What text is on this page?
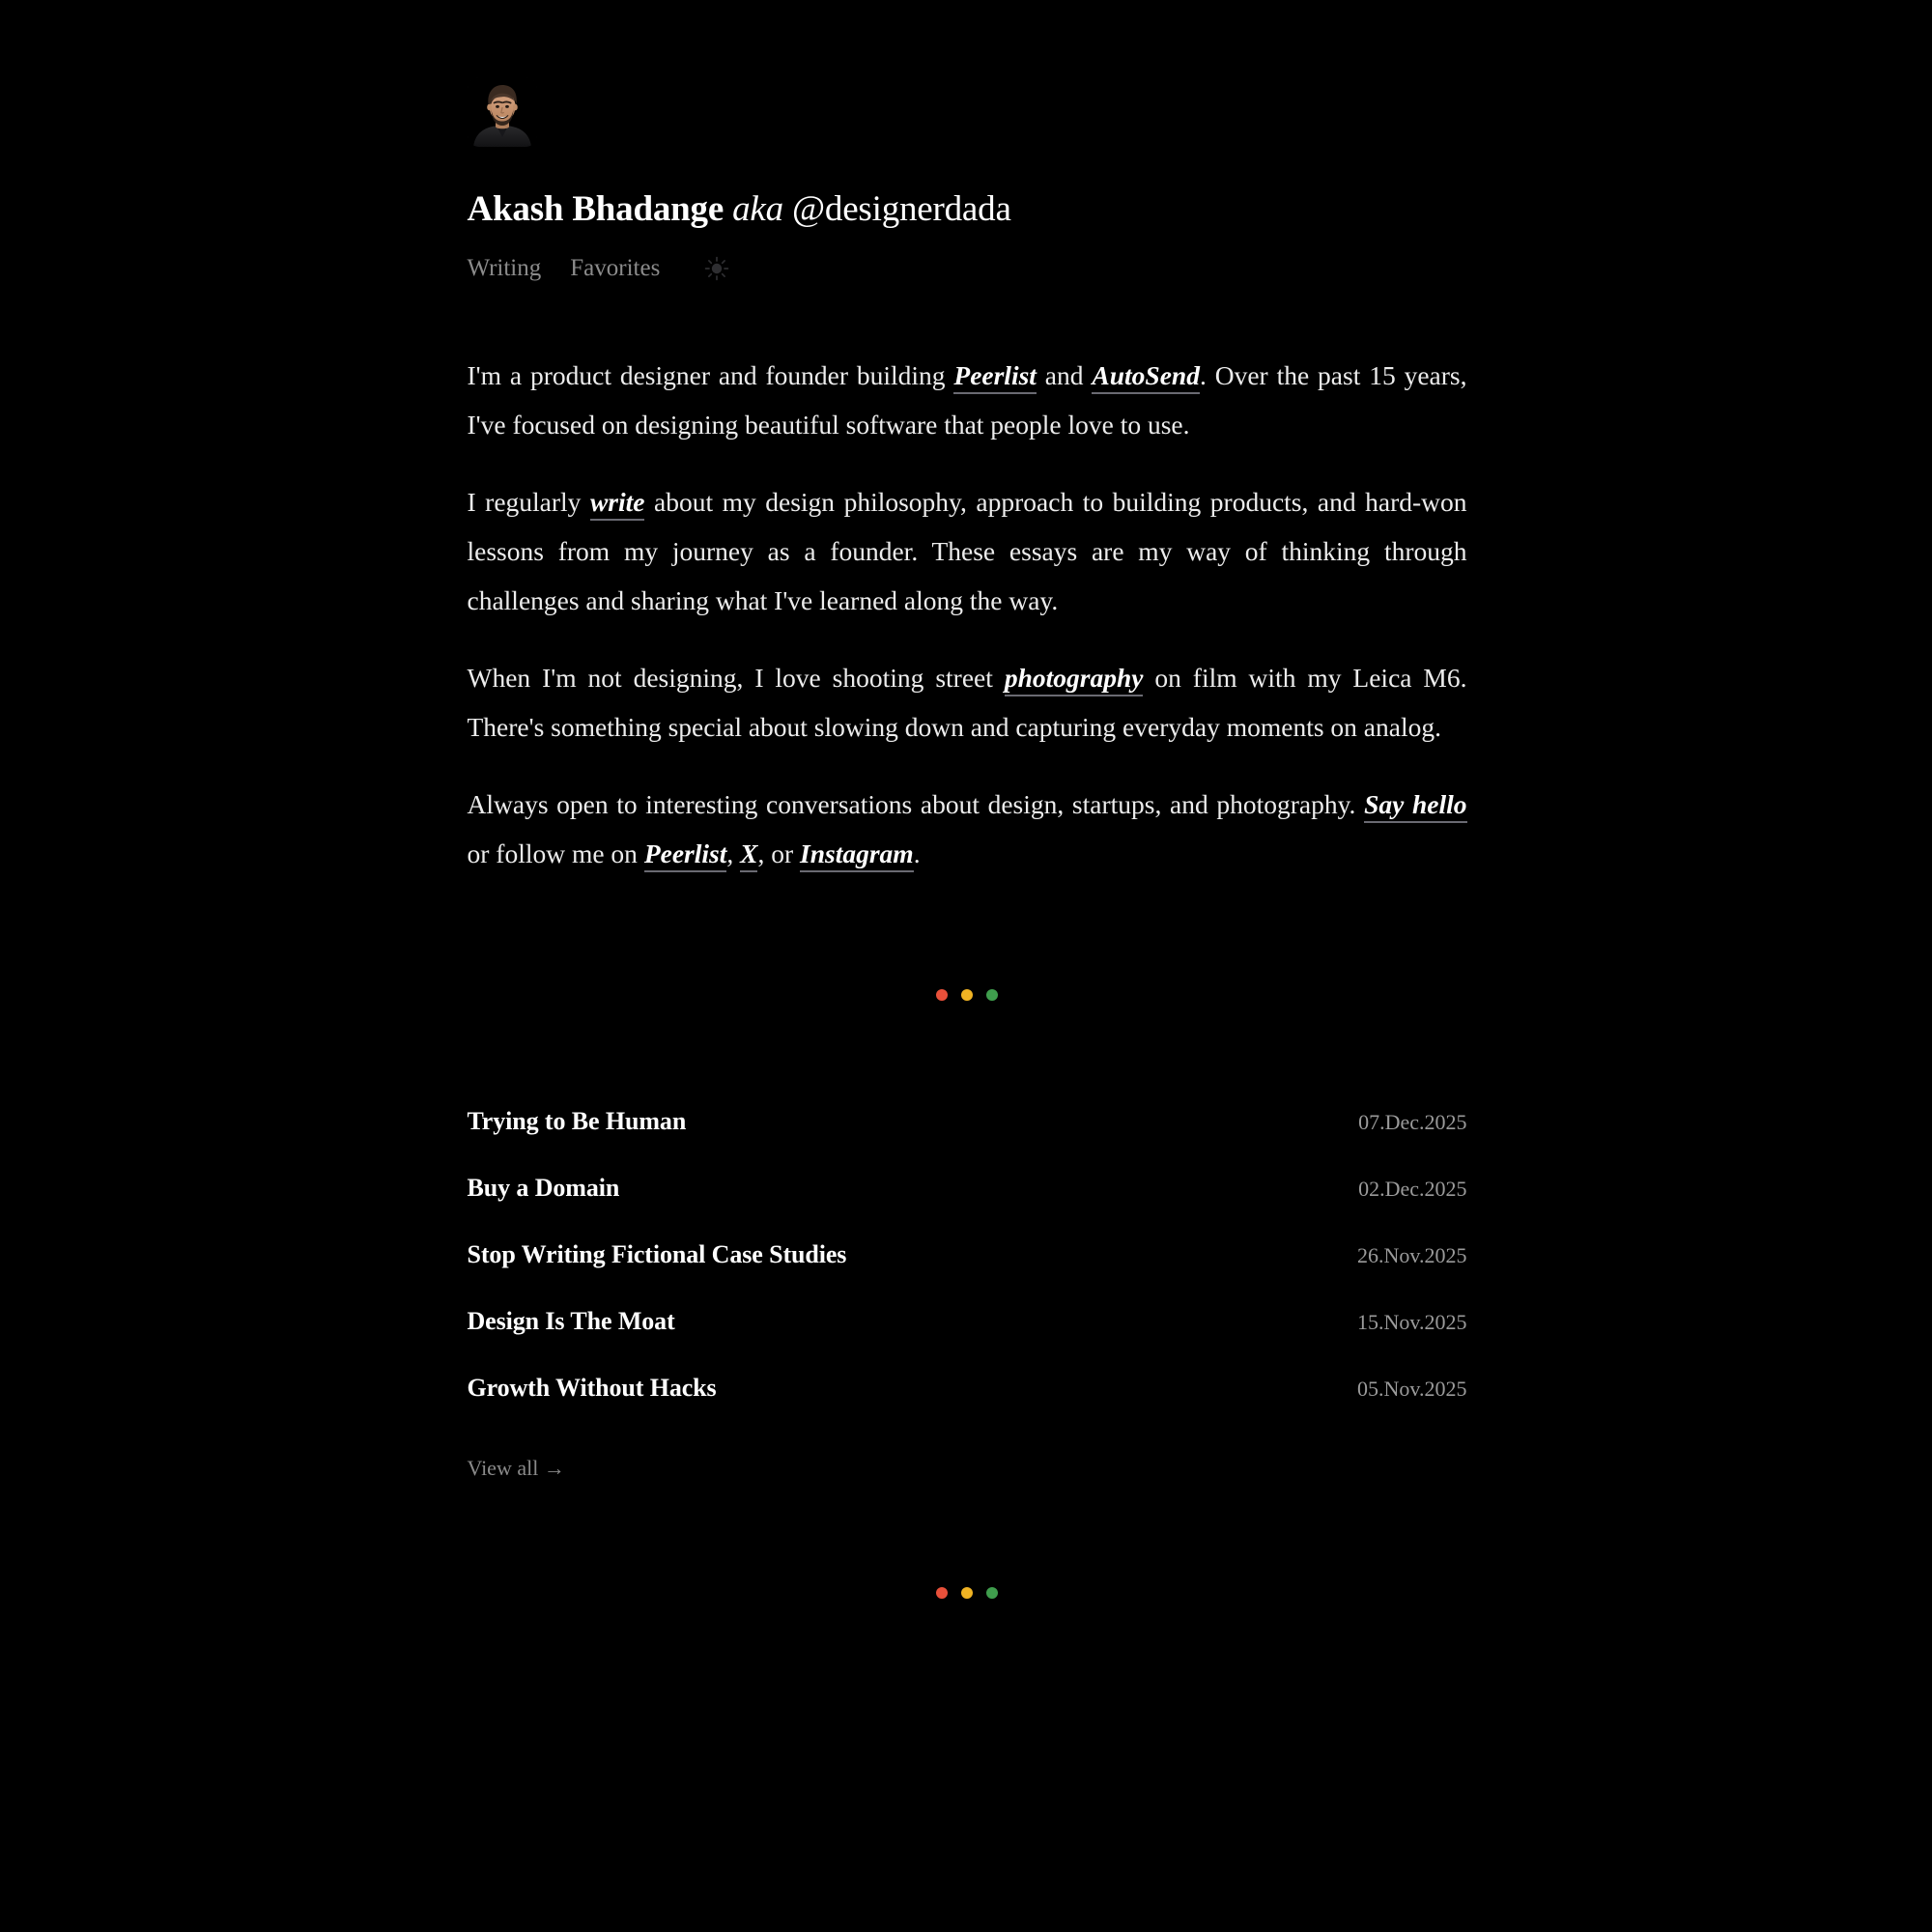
Akash Bhadange aka @designerdada
Writing Favorites

I'm a product designer and founder building Peerlist and AutoSend. Over the past 15 years, I've focused on designing beautiful software that people love to use.

I regularly write about my design philosophy, approach to building products, and hard-won lessons from my journey as a founder. These essays are my way of thinking through challenges and sharing what I've learned along the way.

When I'm not designing, I love shooting street photography on film with my Leica M6. There's something special about slowing down and capturing everyday moments on analog.

Always open to interesting conversations about design, startups, and photography. Say hello or follow me on Peerlist, X, or Instagram.

Trying to Be Human	07.Dec.2025
Buy a Domain	02.Dec.2025
Stop Writing Fictional Case Studies	26.Nov.2025
Design Is The Moat	15.Nov.2025
Growth Without Hacks	05.Nov.2025
View all →
